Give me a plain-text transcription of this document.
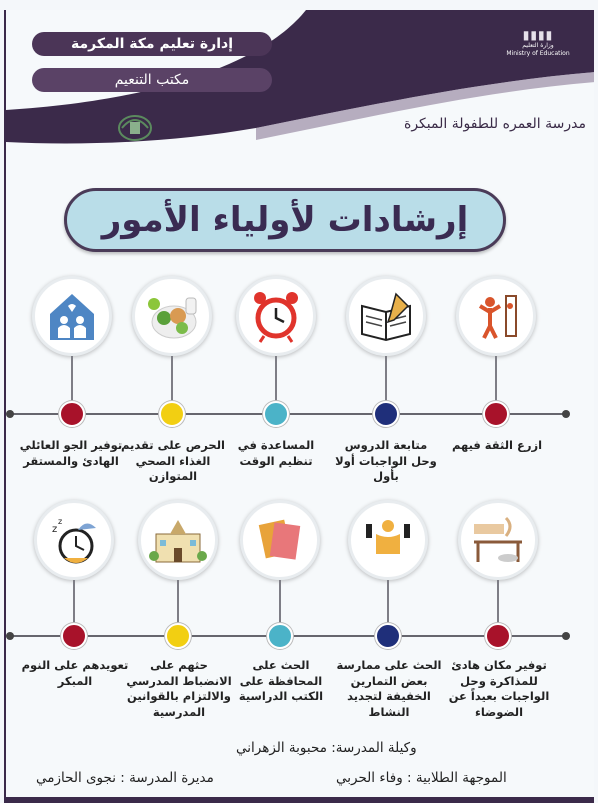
إدارة تعليم مكة المكرمة
مكتب التنعيم
▮▮▮▮
وزارة التعليم
Ministry of Education
مدرسة العمره للطفولة المبكرة
إرشادات لأولياء الأمور
ازرع الثقة فيهم
متابعة الدروس وحل الواجبات أولا بأول
المساعدة في تنظيم الوقت
الحرص على تقديم الغذاء الصحي المتوازن
توفير الجو العائلي الهادئ والمستقر
z
z
توفير مكان هادئ للمذاكرة وحل الواجبات بعيداً عن الضوضاء
الحث على ممارسة بعض التمارين الخفيفة لتجديد النشاط
الحث على المحافظة على الكتب الدراسية
حثهم على الانضباط المدرسي والالتزام بالقوانين المدرسية
تعويدهم على النوم المبكر
وكيلة المدرسة: محبوبة الزهراني
الموجهة الطلابية : وفاء الحربي
مديرة المدرسة : نجوى الحازمي
